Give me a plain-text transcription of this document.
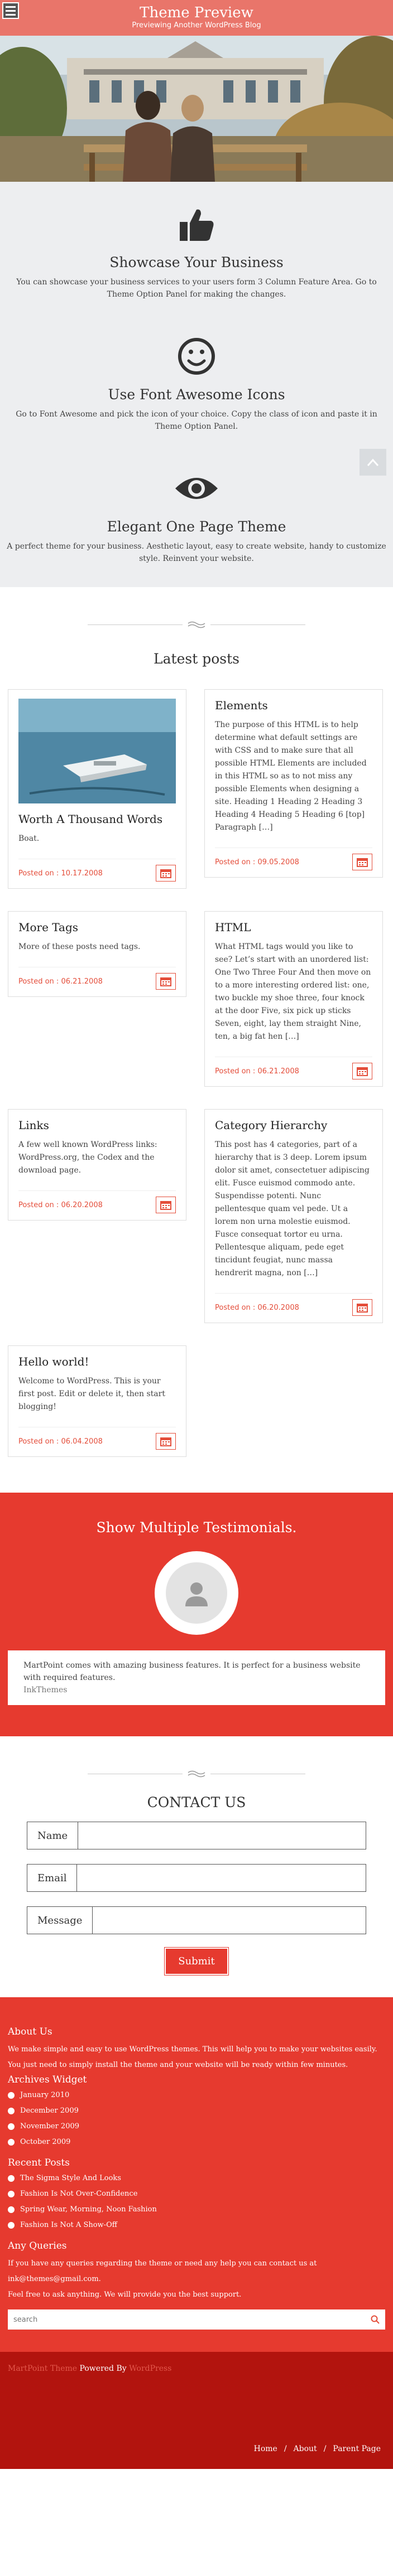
Theme Preview
Previewing Another WordPress Blog
Showcase Your Business

You can showcase your business services to your users form 3 Column Feature Area. Go to Theme Option Panel for making the changes.

Use Font Awesome Icons

Go to Font Awesome and pick the icon of your choice. Copy the class of icon and paste it in Theme Option Panel.

Elegant One Page Theme

A perfect theme for your business. Aesthetic layout, easy to create website, handy to customize style. Reinvent your website.

Latest posts
Worth A Thousand Words
Boat.
Posted on : 10.17.2008
Elements
The purpose of this HTML is to help determine what default settings are with CSS and to make sure that all possible HTML Elements are included in this HTML so as to not miss any possible Elements when designing a site. Heading 1 Heading 2 Heading 3 Heading 4 Heading 5 Heading 6 [top] Paragraph […]
Posted on : 09.05.2008
More Tags
More of these posts need tags.
Posted on : 06.21.2008
HTML
What HTML tags would you like to see? Let’s start with an unordered list: One Two Three Four And then move on to a more interesting ordered list: one, two buckle my shoe three, four knock at the door Five, six pick up sticks Seven, eight, lay them straight Nine, ten, a big fat hen […]
Posted on : 06.21.2008
Links
A few well known WordPress links: WordPress.org, the Codex and the download page.
Posted on : 06.20.2008
Category Hierarchy
This post has 4 categories, part of a hierarchy that is 3 deep. Lorem ipsum dolor sit amet, consectetuer adipiscing elit. Fusce euismod commodo ante. Suspendisse potenti. Nunc pellentesque quam vel pede. Ut a lorem non urna molestie euismod. Fusce consequat tortor eu urna. Pellentesque aliquam, pede eget tincidunt feugiat, nunc massa hendrerit magna, non […]
Posted on : 06.20.2008
Hello world!
Welcome to WordPress. This is your first post. Edit or delete it, then start blogging!
Posted on : 06.04.2008
Show Multiple Testimonials.
MartPoint comes with amazing business features. It is perfect for a business website with required features.
InkThemes
CONTACT US
Name
Email
Message
Submit
About Us
We make simple and easy to use WordPress themes. This will help you to make your websites easily.
You just need to simply install the theme and your website will be ready within few minutes.
Archives Widget
January 2010
December 2009
November 2009
October 2009
Recent Posts
The Sigma Style And Looks
Fashion Is Not Over-Confidence
Spring Wear, Morning, Noon Fashion
Fashion Is Not A Show-Off
Any Queries
If you have any queries regarding the theme or need any help you can contact us at
ink@themes@gmail.com.
Feel free to ask anything. We will provide you the best support.
search
MartPoint Theme Powered By WordPress
Home / About / Parent Page
